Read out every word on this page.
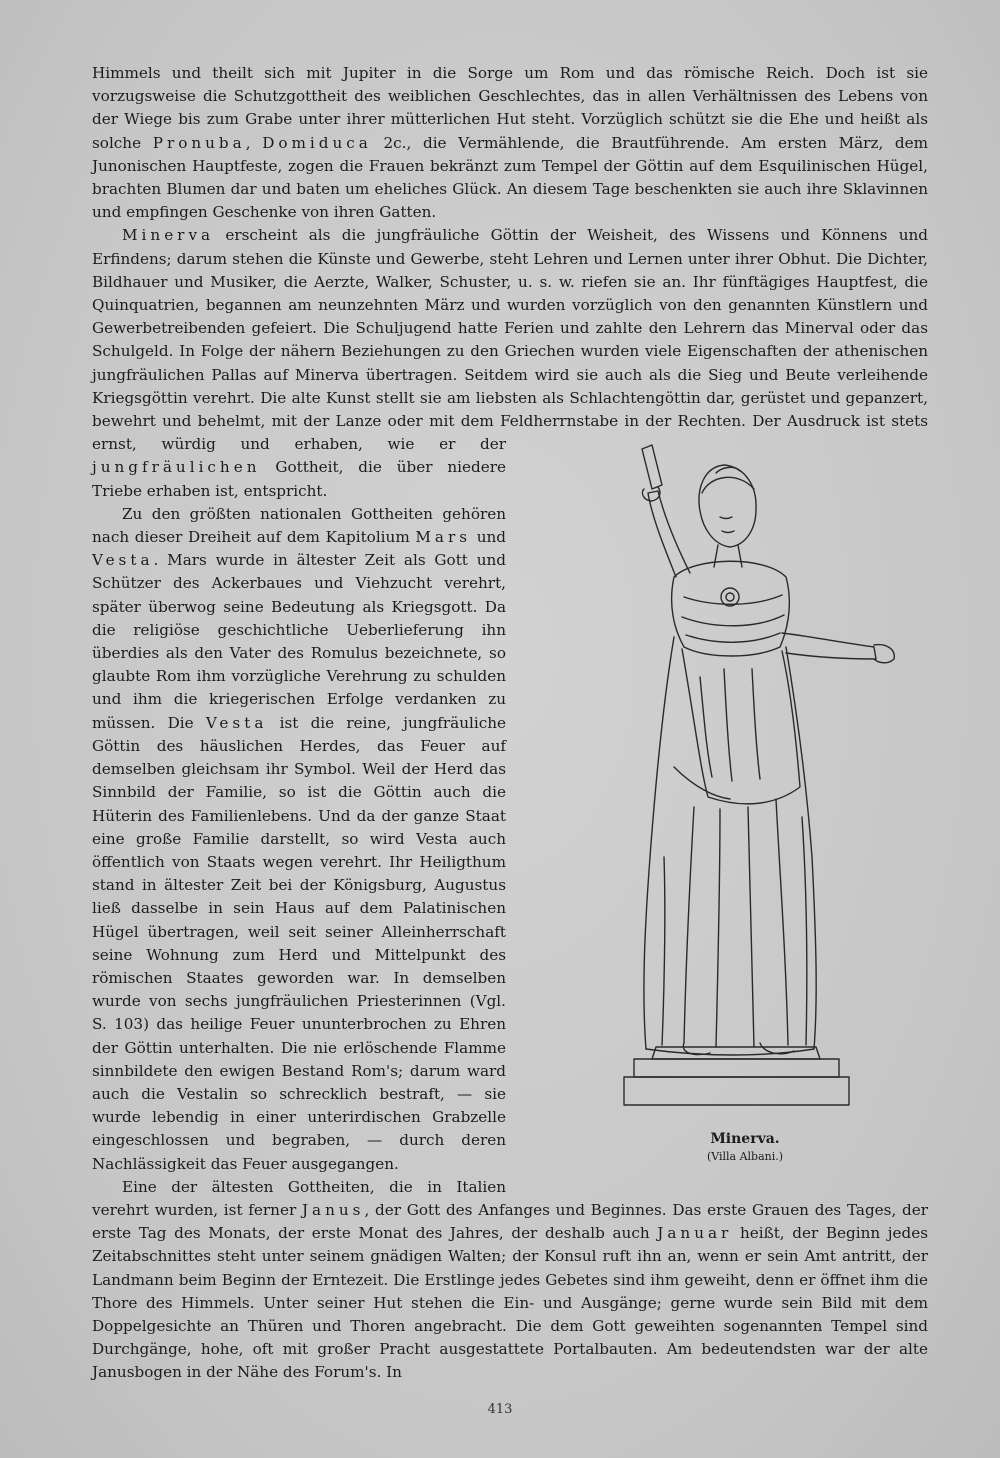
Himmels und theilt sich mit Jupiter in die Sorge um Rom und das römische Reich. Doch ist sie vorzugsweise die Schutzgottheit des weiblichen Geschlechtes, das in allen Verhältnissen des Lebens von der Wiege bis zum Grabe unter ihrer mütterlichen Hut steht. Vorzüglich schützt sie die Ehe und heißt als solche Pronuba, Domiduca 2c., die Vermählende, die Brautführende. Am ersten März, dem Junonischen Hauptfeste, zogen die Frauen bekränzt zum Tempel der Göttin auf dem Esquilinischen Hügel, brachten Blumen dar und baten um eheliches Glück. An diesem Tage beschenkten sie auch ihre Sklavinnen und empfingen Geschenke von ihren Gatten.

Minerva erscheint als die jungfräuliche Göttin der Weisheit, des Wissens und Könnens und Erfindens; darum stehen die Künste und Gewerbe, steht Lehren und Lernen unter ihrer Obhut. Die Dichter, Bildhauer und Musiker, die Aerzte, Walker, Schuster, u. s. w. riefen sie an. Ihr fünftägiges Hauptfest, die Quinquatrien, begannen am neunzehnten März und wurden vorzüglich von den genannten Künstlern und Gewerbetreibenden gefeiert. Die Schuljugend hatte Ferien und zahlte den Lehrern das Minerval oder das Schulgeld. In Folge der nähern Beziehungen zu den Griechen wurden viele Eigenschaften der athenischen jungfräulichen Pallas auf Minerva übertragen. Seitdem wird sie auch als die Sieg und Beute verleihende Kriegsgöttin verehrt. Die alte Kunst stellt sie am liebsten als Schlachtengöttin dar, gerüstet und gepanzert, bewehrt und behelmt, mit der Lanze oder mit dem Feldherrnstabe in der Rechten. Der Ausdruck ist stets ernst, würdig und erhaben, wie er der
Minerva.
(Villa Albani.)
jungfräulichen Gottheit, die über niedere Triebe erhaben ist, entspricht.

Zu den größten nationalen Gottheiten gehören nach dieser Dreiheit auf dem Kapitolium Mars und Vesta. Mars wurde in ältester Zeit als Gott und Schützer des Ackerbaues und Viehzucht verehrt, später überwog seine Bedeutung als Kriegsgott. Da die religiöse geschichtliche Ueberlieferung ihn überdies als den Vater des Romulus bezeichnete, so glaubte Rom ihm vorzügliche Verehrung zu schulden und ihm die kriegerischen Erfolge verdanken zu müssen. Die Vesta ist die reine, jungfräuliche Göttin des häuslichen Herdes, das Feuer auf demselben gleichsam ihr Symbol. Weil der Herd das Sinnbild der Familie, so ist die Göttin auch die Hüterin des Familienlebens. Und da der ganze Staat eine große Familie darstellt, so wird Vesta auch öffentlich von Staats wegen verehrt. Ihr Heiligthum stand in ältester Zeit bei der Königsburg, Augustus ließ dasselbe in sein Haus auf dem Palatinischen Hügel übertragen, weil seit seiner Alleinherrschaft seine Wohnung zum Herd und Mittelpunkt des römischen Staates geworden war. In demselben wurde von sechs jungfräulichen Priesterinnen (Vgl. S. 103) das heilige Feuer ununterbrochen zu Ehren der Göttin unterhalten. Die nie erlöschende Flamme sinnbildete den ewigen Bestand Rom's; darum ward auch die Vestalin so schrecklich bestraft, — sie wurde lebendig in einer unterirdischen Grabzelle eingeschlossen und begraben, — durch deren Nachlässigkeit das Feuer ausgegangen.

Eine der ältesten Gottheiten, die in Italien verehrt wurden, ist ferner Janus, der Gott des Anfanges und Beginnes. Das erste Grauen des Tages, der erste Tag des Monats, der erste Monat des Jahres, der deshalb auch Januar heißt, der Beginn jedes Zeitabschnittes steht unter seinem gnädigen Walten; der Konsul ruft ihn an, wenn er sein Amt antritt, der Landmann beim Beginn der Erntezeit. Die Erstlinge jedes Gebetes sind ihm geweiht, denn er öffnet ihm die Thore des Himmels. Unter seiner Hut stehen die Ein- und Ausgänge; gerne wurde sein Bild mit dem Doppelgesichte an Thüren und Thoren angebracht. Die dem Gott geweihten sogenannten Tempel sind Durchgänge, hohe, oft mit großer Pracht ausgestattete Portalbauten. Am bedeutendsten war der alte Janusbogen in der Nähe des Forum's. In

413
